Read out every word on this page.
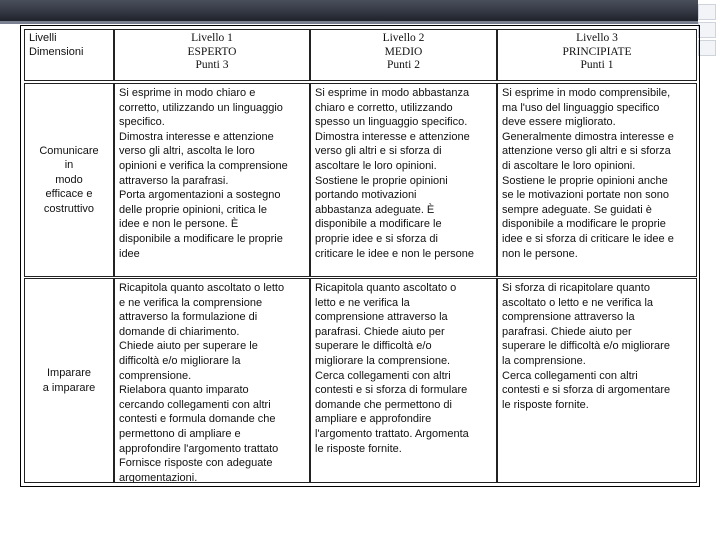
Livelli
Dimensioni
Livello 1
ESPERTO
Punti 3
Livello 2
MEDIO
Punti 2
Livello 3
PRINCIPIATE
Punti 1
Comunicare
in
modo
efficace e
costruttivo
Si esprime in modo chiaro e
corretto, utilizzando un linguaggio
specifico.
Dimostra interesse e attenzione
verso gli altri, ascolta le loro
opinioni e verifica la comprensione
attraverso la parafrasi.
Porta argomentazioni a sostegno
delle proprie opinioni, critica le
idee e non le persone. È
disponibile a modificare le proprie
idee
Si esprime in modo abbastanza
chiaro e corretto, utilizzando
spesso un linguaggio specifico.
Dimostra interesse e attenzione
verso gli altri e si sforza di
ascoltare le loro opinioni.
Sostiene le proprie opinioni
portando motivazioni
abbastanza adeguate. È
disponibile a modificare le
proprie idee e si sforza di
criticare le idee e non le persone
Si esprime in modo comprensibile,
ma l'uso del linguaggio specifico
deve essere migliorato.
Generalmente dimostra interesse e
attenzione verso gli altri e si sforza
di ascoltare le loro opinioni.
Sostiene le proprie opinioni anche
se le motivazioni portate non sono
sempre adeguate. Se guidati è
disponibile a modificare le proprie
idee e si sforza di criticare le idee e
non le persone.
Imparare
a imparare
Ricapitola quanto ascoltato o letto
e ne verifica la comprensione
attraverso la formulazione di
domande di chiarimento.
Chiede aiuto per superare le
difficoltà e/o migliorare la
comprensione.
Rielabora quanto imparato
cercando collegamenti con altri
contesti e formula domande che
permettono di ampliare e
approfondire l'argomento trattato
Fornisce risposte con adeguate
argomentazioni.
Ricapitola quanto ascoltato o
letto e ne verifica la
comprensione attraverso la
parafrasi. Chiede aiuto per
superare le difficoltà e/o
migliorare la comprensione.
Cerca collegamenti con altri
contesti e si sforza di formulare
domande che permettono di
ampliare e approfondire
l'argomento trattato. Argomenta
le risposte fornite.
Si sforza di ricapitolare quanto
ascoltato o letto e ne verifica la
comprensione attraverso la
parafrasi. Chiede aiuto per
superare le difficoltà e/o migliorare
la comprensione.
Cerca collegamenti con altri
contesti e si sforza di argomentare
le risposte fornite.
